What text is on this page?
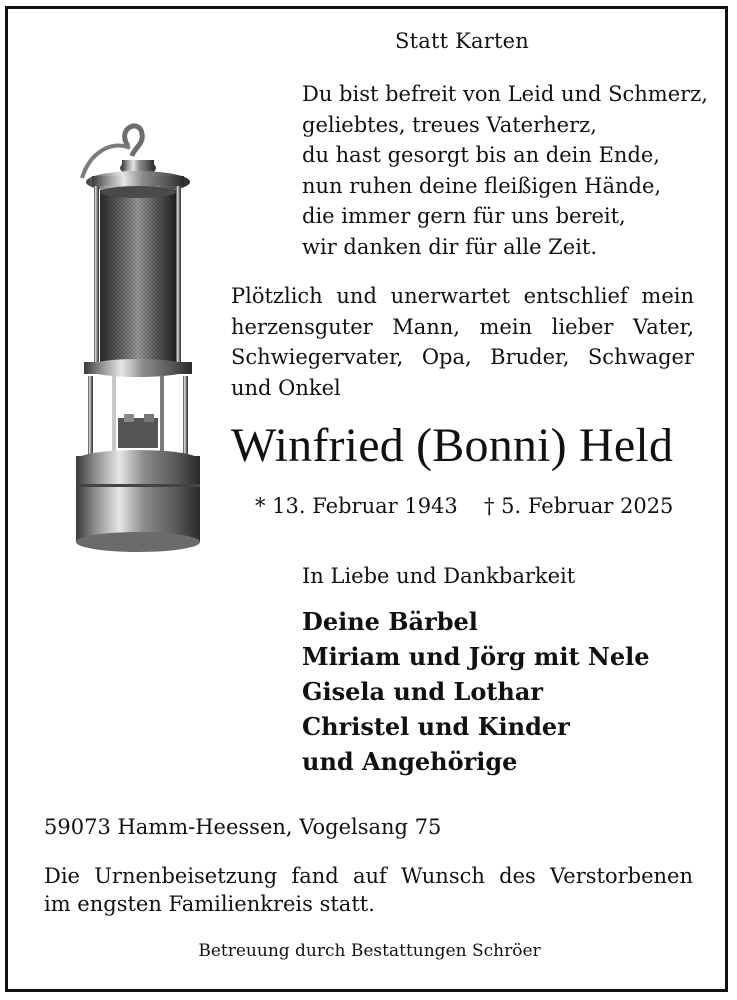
Statt Karten
Du bist befreit von Leid und Schmerz,
geliebtes, treues Vaterherz,
du hast gesorgt bis an dein Ende,
nun ruhen deine fleißigen Hände,
die immer gern für uns bereit,
wir danken dir für alle Zeit.
Plötzlich und unerwartet entschlief mein
herzensguter Mann, mein lieber Vater,
Schwiegervater, Opa, Bruder, Schwager
und Onkel
Winfried (Bonni) Held
* 13. Februar 1943 † 5. Februar 2025
In Liebe und Dankbarkeit
Deine Bärbel
Miriam und Jörg mit Nele
Gisela und Lothar
Christel und Kinder
und Angehörige
59073 Hamm-Heessen, Vogelsang 75
Die Urnenbeisetzung fand auf Wunsch des Verstorbenen
im engsten Familienkreis statt.
Betreuung durch Bestattungen Schröer
